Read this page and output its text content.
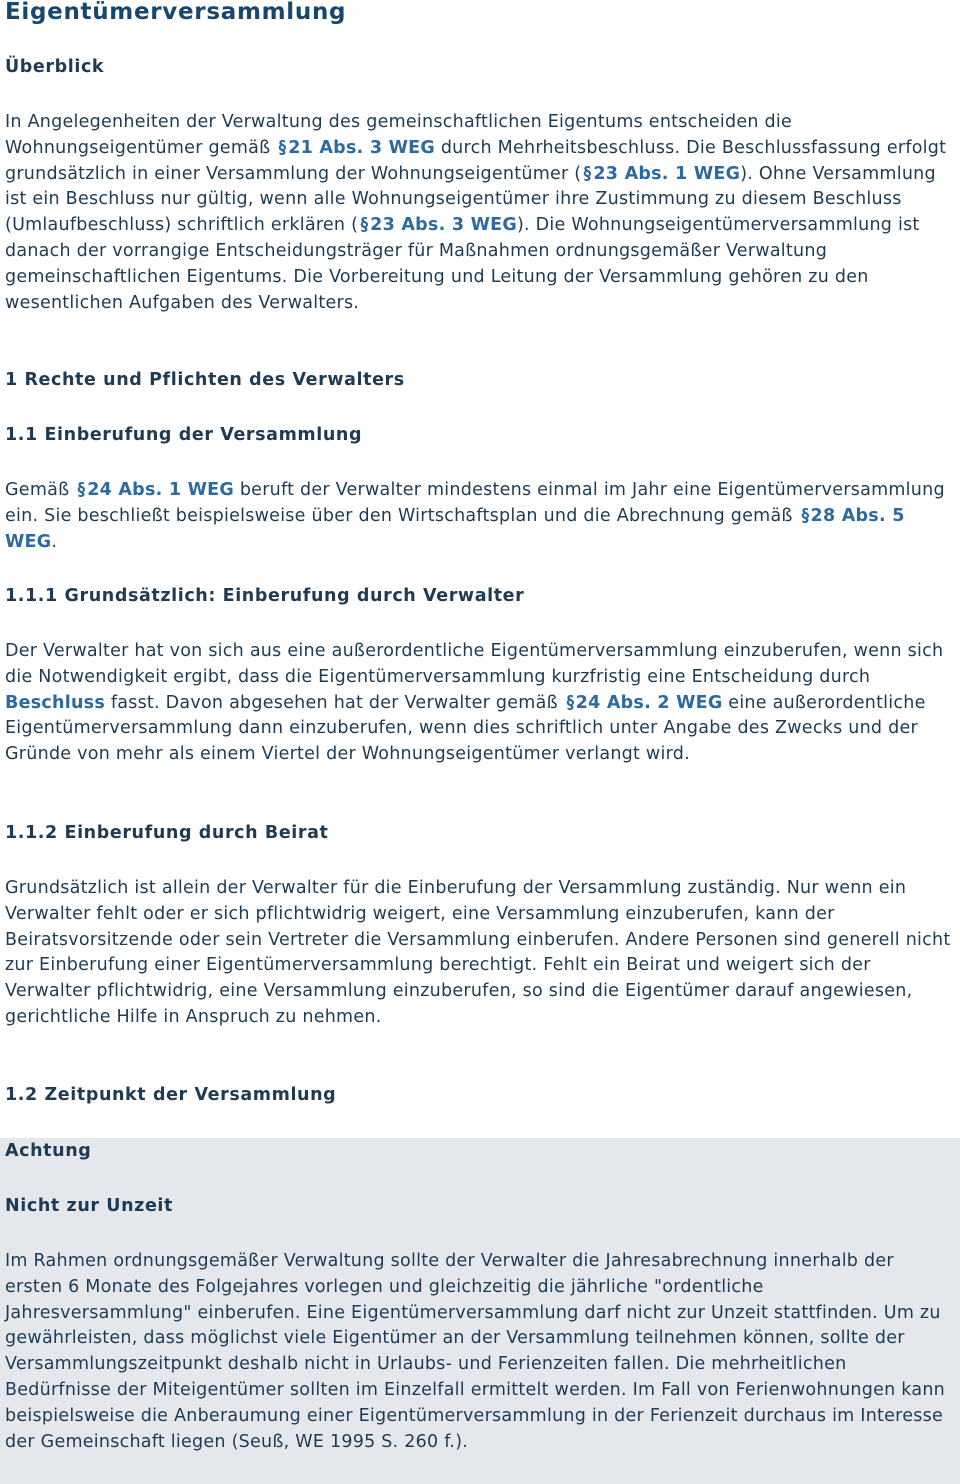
Eigentümerversammlung
Überblick

In Angelegenheiten der Verwaltung des gemeinschaftlichen Eigentums entscheiden die Wohnungseigentümer gemäß §21 Abs. 3 WEG durch Mehrheitsbeschluss. Die Beschlussfassung erfolgt grundsätzlich in einer Versammlung der Wohnungseigentümer ( §23 Abs. 1 WEG). Ohne Versammlung ist ein Beschluss nur gültig, wenn alle Wohnungseigentümer ihre Zustimmung zu diesem Beschluss (Umlaufbeschluss) schriftlich erklären ( §23 Abs. 3 WEG). Die Wohnungseigentümerversammlung ist danach der vorrangige Entscheidungsträger für Maßnahmen ordnungsgemäßer Verwaltung gemeinschaftlichen Eigentums. Die Vorbereitung und Leitung der Versammlung gehören zu den wesentlichen Aufgaben des Verwalters.

1 Rechte und Pflichten des Verwalters
1.1 Einberufung der Versammlung

Gemäß §24 Abs. 1 WEG beruft der Verwalter mindestens einmal im Jahr eine Eigentümerversammlung ein. Sie beschließt beispielsweise über den Wirtschaftsplan und die Abrechnung gemäß §28 Abs. 5 WEG.

1.1.1 Grundsätzlich: Einberufung durch Verwalter

Der Verwalter hat von sich aus eine außerordentliche Eigentümerversammlung einzuberufen, wenn sich die Notwendigkeit ergibt, dass die Eigentümerversammlung kurzfristig eine Entscheidung durch Beschluss fasst. Davon abgesehen hat der Verwalter gemäß §24 Abs. 2 WEG eine außerordentliche Eigentümerversammlung dann einzuberufen, wenn dies schriftlich unter Angabe des Zwecks und der Gründe von mehr als einem Viertel der Wohnungseigentümer verlangt wird.

1.1.2 Einberufung durch Beirat

Grundsätzlich ist allein der Verwalter für die Einberufung der Versammlung zuständig. Nur wenn ein Verwalter fehlt oder er sich pflichtwidrig weigert, eine Versammlung einzuberufen, kann der Beiratsvorsitzende oder sein Vertreter die Versammlung einberufen. Andere Personen sind generell nicht zur Einberufung einer Eigentümerversammlung berechtigt. Fehlt ein Beirat und weigert sich der Verwalter pflichtwidrig, eine Versammlung einzuberufen, so sind die Eigentümer darauf angewiesen, gerichtliche Hilfe in Anspruch zu nehmen.

1.2 Zeitpunkt der Versammlung
Achtung
Nicht zur Unzeit

Im Rahmen ordnungsgemäßer Verwaltung sollte der Verwalter die Jahresabrechnung innerhalb der ersten 6 Monate des Folgejahres vorlegen und gleichzeitig die jährliche "ordentliche Jahresversammlung" einberufen. Eine Eigentümerversammlung darf nicht zur Unzeit stattfinden. Um zu gewährleisten, dass möglichst viele Eigentümer an der Versammlung teilnehmen können, sollte der Versammlungszeitpunkt deshalb nicht in Urlaubs- und Ferienzeiten fallen. Die mehrheitlichen Bedürfnisse der Miteigentümer sollten im Einzelfall ermittelt werden. Im Fall von Ferienwohnungen kann beispielsweise die Anberaumung einer Eigentümerversammlung in der Ferienzeit durchaus im Interesse der Gemeinschaft liegen (Seuß, WE 1995 S. 260 f.).
